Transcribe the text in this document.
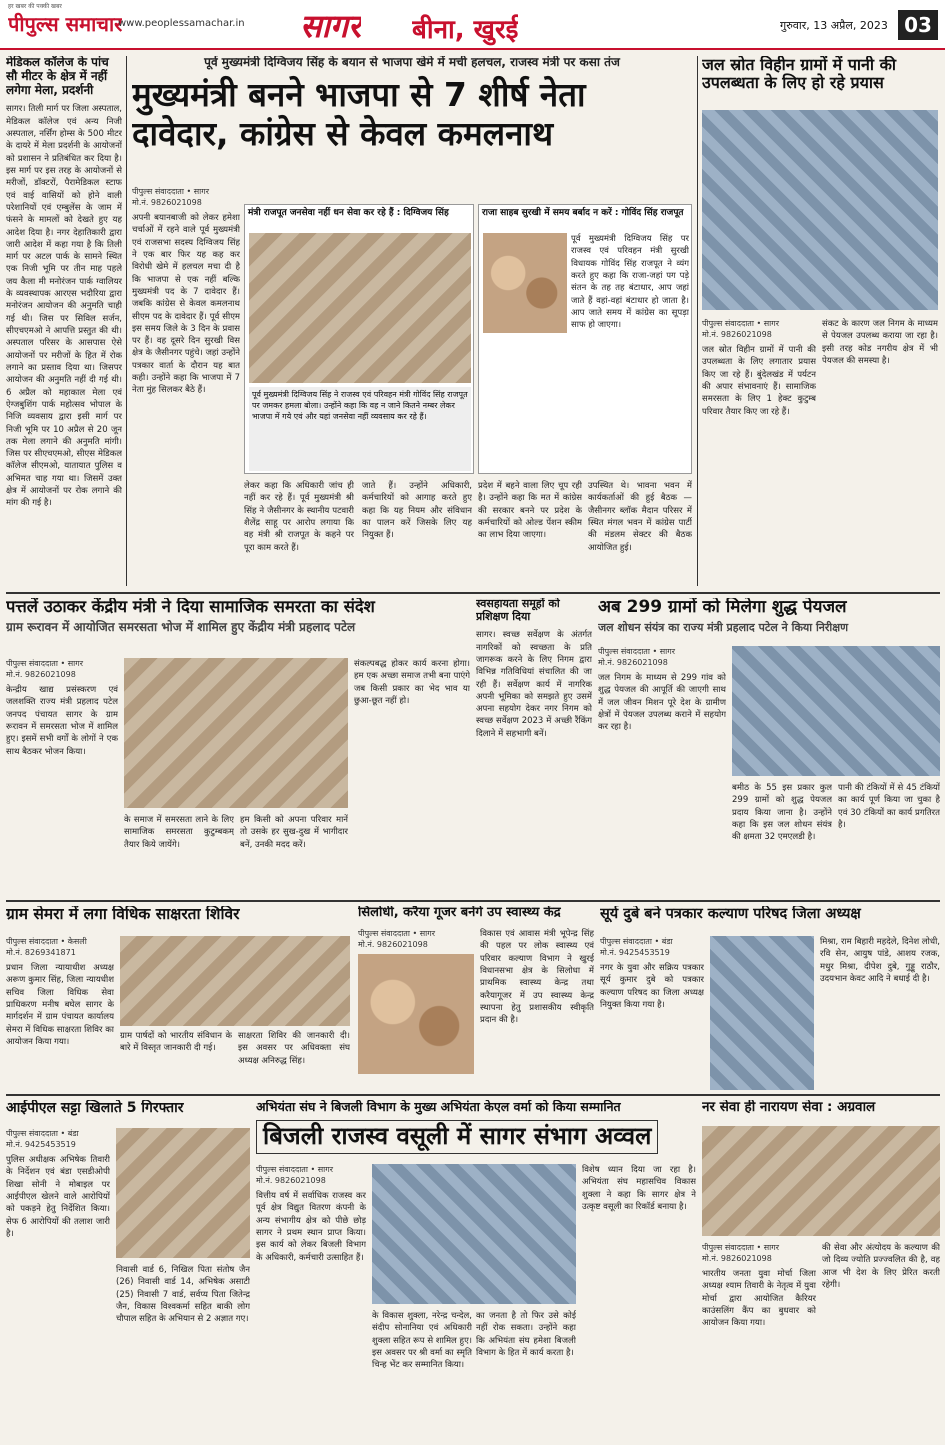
हर खबर की पक्की खबर
पीपुल्स समाचार
www.peoplessamachar.in सागर बीना, खुरई	गुरुवार, 13 अप्रैल, 2023 03
मेडिकल कॉलेज के पांच सौ मीटर के क्षेत्र में नहीं लगेगा मेला, प्रदर्शनी
सागर। तिली मार्ग पर जिला अस्पताल, मेडिकल कॉलेज एवं अन्य निजी अस्पताल, नर्सिंग होम्स के 500 मीटर के दायरे में मेला प्रदर्शनी के आयोजनों को प्रशासन ने प्रतिबंधित कर दिया है। इस मार्ग पर इस तरह के आयोजनों से मरीजों, डॉक्टरों, पैरामेडिकल स्टाफ एवं वाई वासियों को होने वाली परेशानियों एवं एम्बुलेंस के जाम में फंसने के मामलों को देखते हुए यह आदेश दिया है। नगर देहातिकारी द्वारा जारी आदेश में कहा गया है कि तिली मार्ग पर अटल पार्क के सामने स्थित एक निजी भूमि पर तीन माह पहले जय कैला मी मनोरंजन पार्क ग्वालियर के व्यवस्थापक आरएस भदौरिया द्वारा मनोरंजन आयोजन की अनुमति चाही गई थी। जिस पर सिविल सर्जन, सीएचएमओ ने आपत्ति प्रस्तुत की थी। अस्पताल परिसर के आसपास ऐसे आयोजनों पर मरीजों के हित में रोक लगाने का प्रस्ताव दिया था। जिसपर आयोजन की अनुमति नहीं दी गई थी। 6 अप्रैल को महाकाल मेला एवं ऐग्जबुशिंग पार्क महोत्सव भोपाल के निजि व्यवसाय द्वारा इसी मार्ग पर निजी भूमि पर 10 अप्रैल से 20 जून तक मेला लगाने की अनुमति मांगी। जिस पर सीएचएमओ, सीएस मेडिकल कॉलेज सीएमओ, यातायात पुलिस व अभिमत चाह गया था। जिसमें उक्त क्षेत्र में आयोजनों पर रोक लगाने की मांग की गई है।
पूर्व मुख्यमंत्री दिग्विजय सिंह के बयान से भाजपा खेमे में मची हलचल, राजस्व मंत्री पर कसा तंज
मुख्यमंत्री बनने भाजपा से 7 शीर्ष नेता दावेदार, कांग्रेस से केवल कमलनाथ
पीपुल्स संवाददाता • सागर
मो.नं. 9826021098
अपनी बयानबाजी को लेकर हमेशा चर्चाओं में रहने वाले पूर्व मुख्यमंत्री एवं राजसभा सदस्य दिग्विजय सिंह ने एक बार फिर यह कह कर विरोधी खेमे में हलचल मचा दी है कि भाजपा से एक नहीं बल्कि मुख्यमंत्री पद के 7 दावेदार हैं। जबकि कांग्रेस से केवल कमलनाथ सीएम पद के दावेदार हैं। पूर्व सीएम इस समय जिले के 3 दिन के प्रवास पर हैं। वह दूसरे दिन सुरखी विस क्षेत्र के जैसीनगर पहुंचे। जहां उन्होंने पत्रकार वार्ता के दौरान यह बात कही। उन्होंने कहा कि भाजपा में 7 नेता मुंह सिलकर बैठे हैं।
मंत्री राजपूत जनसेवा नहीं धन सेवा कर रहे हैं : दिग्विजय सिंह
पूर्व मुख्यमंत्री दिग्विजय सिंह ने राजस्व एवं परिवहन मंत्री गोविंद सिंह राजपूत पर जमकर हमला बोला। उन्होंने कहा कि वह न जाने कितने नम्बर लेकर भाजपा में गये एवं और यहां जनसेवा नहीं व्यवसाय कर रहे हैं।
राजा साहब सुरखी में समय बर्बाद न करें : गोविंद सिंह राजपूत
पूर्व मुख्यमंत्री दिग्विजय सिंह पर राजस्व एवं परिवहन मंत्री सुरखी विधायक गोविंद सिंह राजपूत ने व्यंग करते हुए कहा कि राजा-जहां पग पड़े संतन के तह तह बंटाधार, आप जहां जाते हैं वहां-वहां बंटाधार हो जाता है। आप जाते समय में कांग्रेस का सूपड़ा साफ हो जाएगा।
लेकर कहा कि अधिकारी जांच ही नहीं कर रहे हैं। पूर्व मुख्यमंत्री श्री सिंह ने जैसीनगर के स्थानीय पटवारी शैलेंद्र साहू पर आरोप लगाया कि वह मंत्री श्री राजपूत के कहने पर पूरा काम करते हैं।
जाते हैं। उन्होंने अधिकारी, कर्मचारियों को आगाह करते हुए कहा कि यह नियम और संविधान का पालन करें जिसके लिए यह नियुक्त हैं।
प्रदेश में बहने वाला लिए चूप रही है। उन्होंने कहा कि मत में कांग्रेस की सरकार बनने पर प्रदेश के कर्मचारियों को ओल्ड पेंशन स्कीम का लाभ दिया जाएगा।
उपस्थित थे। भावना भवन में कार्यकर्ताओं की हुई बैठक — जैसीनगर ब्लॉक मैदान परिसर में स्थित मंगल भवन में कांग्रेस पार्टी की मंडलम सेक्टर की बैठक आयोजित हुई।
जल स्रोत विहीन ग्रामों में पानी की उपलब्धता के लिए हो रहे प्रयास
पीपुल्स संवाददाता • सागर
मो.नं. 9826021098
जल स्रोत विहीन ग्रामों में पानी की उपलब्धता के लिए लगातार प्रयास किए जा रहे हैं। बुंदेलखंड में पर्यटन की अपार संभावनाएं हैं। सामाजिक समरसता के लिए 1 हेक्ट कुटुम्ब परिवार तैयार किए जा रहे हैं।
संकट के कारण जल निगम के माध्यम से पेयजल उपलब्ध कराया जा रहा है। इसी तरह कोड नगरीय क्षेत्र में भी पेयजल की समस्या है।
पत्तलें उठाकर केंद्रीय मंत्री ने दिया सामाजिक समरता का संदेश
ग्राम रूरावन में आयोजित समरसता भोज में शामिल हुए केंद्रीय मंत्री प्रहलाद पटेल
पीपुल्स संवाददाता • सागर
मो.नं. 9826021098
केन्द्रीय खाद्य प्रसंस्करण एवं जलशक्ति राज्य मंत्री प्रहलाद पटेल जनपद पंचायत सागर के ग्राम रूरावन में समरसता भोज में शामिल हुए। इसमें सभी वर्गों के लोगों ने एक साथ बैठकर भोजन किया।
के समाज में समरसता लाने के लिए सामाजिक समरसता कुटुम्बकम् तैयार किये जायेंगे।
हम किसी को अपना परिवार मानें तो उसके हर सुख-दुख में भागीदार बनें, उनकी मदद करें।
संकल्पबद्ध होकर कार्य करना होगा। हम एक अच्छा समाज तभी बना पाएंगे जब किसी प्रकार का भेद भाव या छुआ-छूत नहीं हो।
स्वसहायता समूहों को प्रशिक्षण दिया
सागर। स्वच्छ सर्वेक्षण के अंतर्गत नागरिकों को स्वच्छता के प्रति जागरूक करने के लिए निगम द्वारा विभिन्न गतिविधियां संचालित की जा रही हैं। सर्वेक्षण कार्य में नागरिक अपनी भूमिका को समझते हुए उसमें अपना सहयोग देकर नगर निगम को स्वच्छ सर्वेक्षण 2023 में अच्छी रैंकिंग दिलाने में सहभागी बनें।
अब 299 ग्रामों को मिलेगा शुद्ध पेयजल
जल शोधन संयंत्र का राज्य मंत्री प्रहलाद पटेल ने किया निरीक्षण
पीपुल्स संवाददाता • सागर
मो.नं. 9826021098
जल निगम के माध्यम से 299 गांव को शुद्ध पेयजल की आपूर्ति की जाएगी साथ में जल जीवन मिशन पूरे देश के ग्रामीण क्षेत्रों में पेयजल उपलब्ध कराने में सहयोग कर रहा है।
बमीठ के 55 इस प्रकार कुल 299 ग्रामों को शुद्ध पेयजल प्रदाय किया जाना है। उन्होंने कहा कि इस जल शोधन संयंत्र की क्षमता 32 एमएलडी है।
पानी की टंकियों में से 45 टंकियों का कार्य पूर्ण किया जा चुका है एवं 30 टंकियों का कार्य प्रगतिरत है।
ग्राम सेमरा में लगा विधिक साक्षरता शिविर
पीपुल्स संवाददाता • केसली
मो.नं. 8269341871
प्रधान जिला न्यायाधीश अध्यक्ष अरूण कुमार सिंह, जिला न्यायधीश सचिव जिला विधिक सेवा प्राधिकरण मनीष बघेल सागर के मार्गदर्शन में ग्राम पंचायत कार्यालय सेमरा में विधिक साक्षरता शिविर का आयोजन किया गया।
ग्राम पार्षदों को भारतीय संविधान के बारे में विस्तृत जानकारी दी गई।
साक्षरता शिविर की जानकारी दी। इस अवसर पर अधिवक्ता संघ अध्यक्ष अनिरुद्ध सिंह।
सिलोधी, करैया गूजर बनेंगे उप स्वास्थ्य केंद्र
पीपुल्स संवाददाता • सागर
मो.नं. 9826021098
विकास एवं आवास मंत्री भूपेन्द्र सिंह की पहल पर लोक स्वास्थ्य एवं परिवार कल्याण विभाग ने खुरई विधानसभा क्षेत्र के सिलोधा में प्राथमिक स्वास्थ्य केन्द्र तथा करैयागूजर में उप स्वास्थ्य केन्द्र स्थापना हेतु प्रशासकीय स्वीकृति प्रदान की है।
सूर्य दुबे बने पत्रकार कल्याण परिषद जिला अध्यक्ष
पीपुल्स संवाददाता • बंडा
मो.नं. 9425453519
नगर के युवा और सक्रिय पत्रकार सूर्य कुमार दुबे को पत्रकार कल्याण परिषद का जिला अध्यक्ष नियुक्त किया गया है।
मिश्रा, राम बिहारी महदेले, दिनेश लोधी, रवि सेन, आयुष पांडे, आशय रजक, मधुर मिश्रा, दीपेश दुबे, गुड्डू राठौर, उदयभान केवट आदि ने बधाई दी है।
आईपीएल सट्टा खिलाते 5 गिरफ्तार
पीपुल्स संवाददाता • बंडा
मो.नं. 9425453519
पुलिस अधीक्षक अभिषेक तिवारी के निर्देशन एवं बंडा एसडीओपी शिखा सोनी ने मोबाइल पर आईपीएल खेलने वाले आरोपियों को पकड़ने हेतु निर्देशित किया। सेफ 6 आरोपियों की तलाश जारी है।
निवासी वार्ड 6, निखिल पिता संतोष जैन (26) निवासी वार्ड 14, अभिषेक असाटी (25) निवासी 7 वार्ड, सर्वप्य पिता जितेन्द्र जैन, विकास विश्वकर्मा सहित बाकी लोग चौपाल सहित के अभियान से 2 अज्ञात गए।
अभियंता संघ ने बिजली विभाग के मुख्य अभियंता केएल वर्मा को किया सम्मानित
बिजली राजस्व वसूली में सागर संभाग अव्वल
पीपुल्स संवाददाता • सागर
मो.नं. 9826021098
वित्तीय वर्ष में सर्वाधिक राजस्व कर पूर्व क्षेत्र विद्युत वितरण कंपनी के अन्य संभागीय क्षेत्र को पीछे छोड़ सागर ने प्रथम स्थान प्राप्त किया। इस कार्य को लेकर बिजली विभाग के अधिकारी, कर्मचारी उत्साहित हैं।
के विकास शुक्ला, नरेन्द्र चन्देल, संदीप सोनानिया एवं अधिकारी शुक्ला सहित रूप से शामिल हुए। इस अवसर पर श्री वर्मा का स्मृति चिन्ह भेंट कर सम्मानित किया।
का जनता है तो फिर उसे कोई नहीं रोक सकता। उन्होंने कहा कि अभियंता संघ हमेशा बिजली विभाग के हित में कार्य करता है।
विशेष ध्यान दिया जा रहा है। अभियंता संघ महासचिव विकास शुक्ला ने कहा कि सागर क्षेत्र ने उत्कृष्ट वसूली का रिकॉर्ड बनाया है।
नर सेवा ही नारायण सेवा : अग्रवाल
पीपुल्स संवाददाता • सागर
मो.नं. 9826021098
भारतीय जनता युवा मोर्चा जिला अध्यक्ष श्याम तिवारी के नेतृत्व में युवा मोर्चा द्वारा आयोजित कैरियर काउंसलिंग कैंप का बुधवार को आयोजन किया गया।
की सेवा और अंत्योदय के कल्याण की जो दिव्य ज्योति प्रज्ज्वलित की है, वह आज भी देश के लिए प्रेरित करती रहेगी।
